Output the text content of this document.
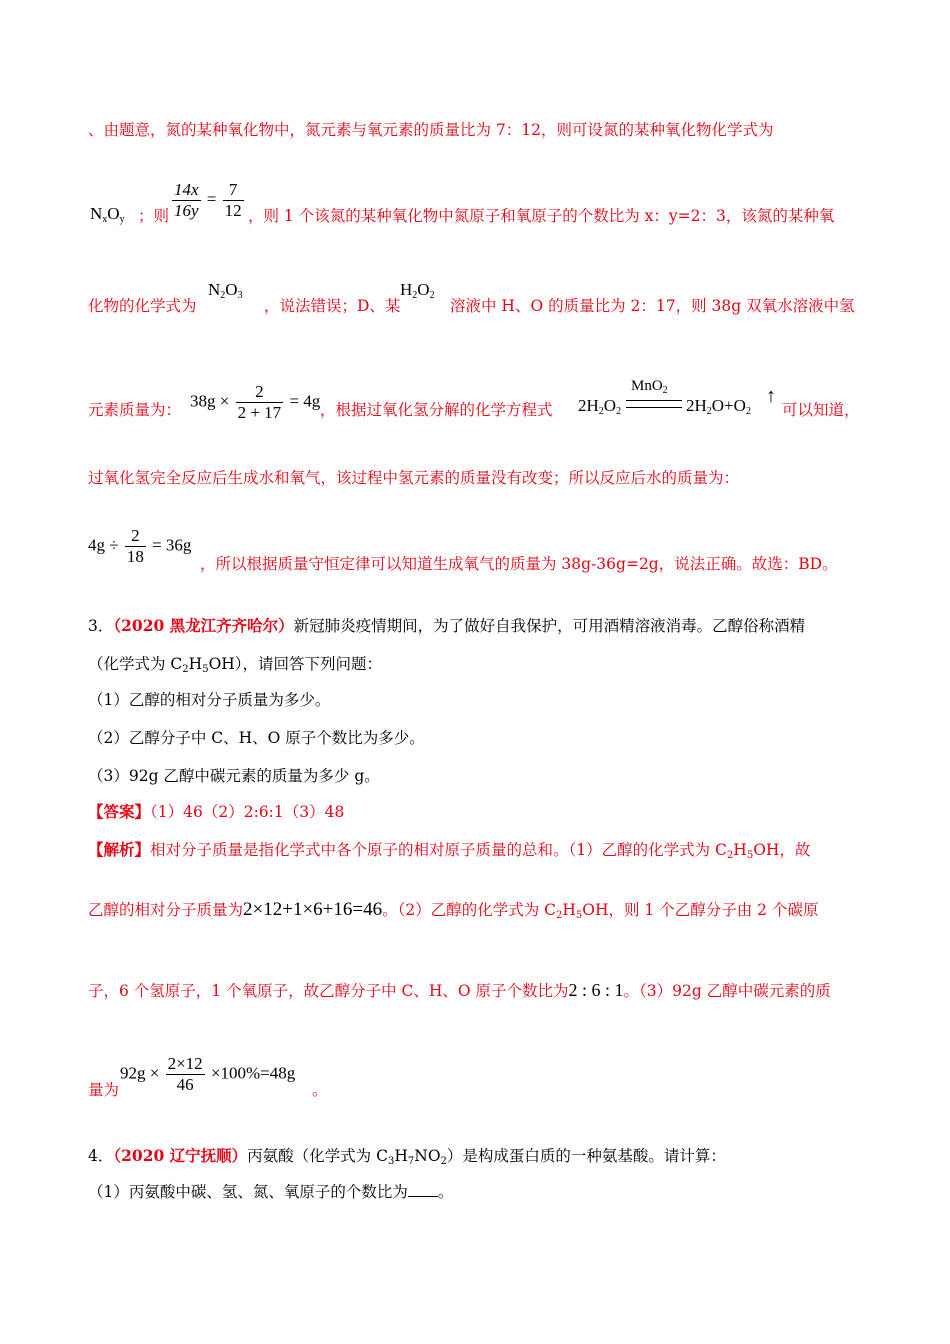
、由题意，氮的某种氧化物中，氮元素与氧元素的质量比为 7：12，则可设氮的某种氧化物化学式为
$N_xO_y$ ；则 $\frac{14x}{16y} = \frac{7}{12}$ ，则 1 个该氮的某种氧化物中氮原子和氧原子的个数比为 x：y=2：3，该氮的某种氧
化物的化学式为
$N_2O_3$
，说法错误；D、某
$H_2O_2$
溶液中 H、O 的质量比为 2：17，则 38g 双氧水溶液中氢
元素质量为： $38g \times \frac{2}{2 + 17} = 4g$ ，根据过氧化氢分解的化学方程式 $2H_2O_2$
MnO$_2$
$2H_2O+O_2$
↑
可以知道，
过氧化氢完全反应后生成水和氧气，该过程中氢元素的质量没有改变；所以反应后水的质量为：
$4g \div \frac{2}{18} = 36g$
，所以根据质量守恒定律可以知道生成氧气的质量为 38g-36g=2g，说法正确。故选：BD。
3．（2020 黑龙江齐齐哈尔）新冠肺炎疫情期间，为了做好自我保护，可用酒精溶液消毒。乙醇俗称酒精
（化学式为 $C_2H_5OH$），请回答下列问题：
（1）乙醇的相对分子质量为多少。
（2）乙醇分子中 C、H、O 原子个数比为多少。
（3）92g 乙醇中碳元素的质量为多少 g。
【答案】（1）46（2）2:6:1（3）48
【解析】相对分子质量是指化学式中各个原子的相对原子质量的总和。（1）乙醇的化学式为 $C_2H_5OH$，故
乙醇的相对分子质量为2×12+1×6+16=46。（2）乙醇的化学式为 $C_2H_5OH$，则 1 个乙醇分子由 2 个碳原
子，6 个氢原子，1 个氧原子，故乙醇分子中 C、H、O 原子个数比为2 : 6 : 1。（3）92g 乙醇中碳元素的质
量为
$92g \times \frac{2\times 12}{46} \times 100\%=48g$
。
4．（2020 辽宁抚顺）丙氨酸（化学式为 $C_3H_7NO_2$）是构成蛋白质的一种氨基酸。请计算：
（1）丙氨酸中碳、氢、氮、氧原子的个数比为 。
